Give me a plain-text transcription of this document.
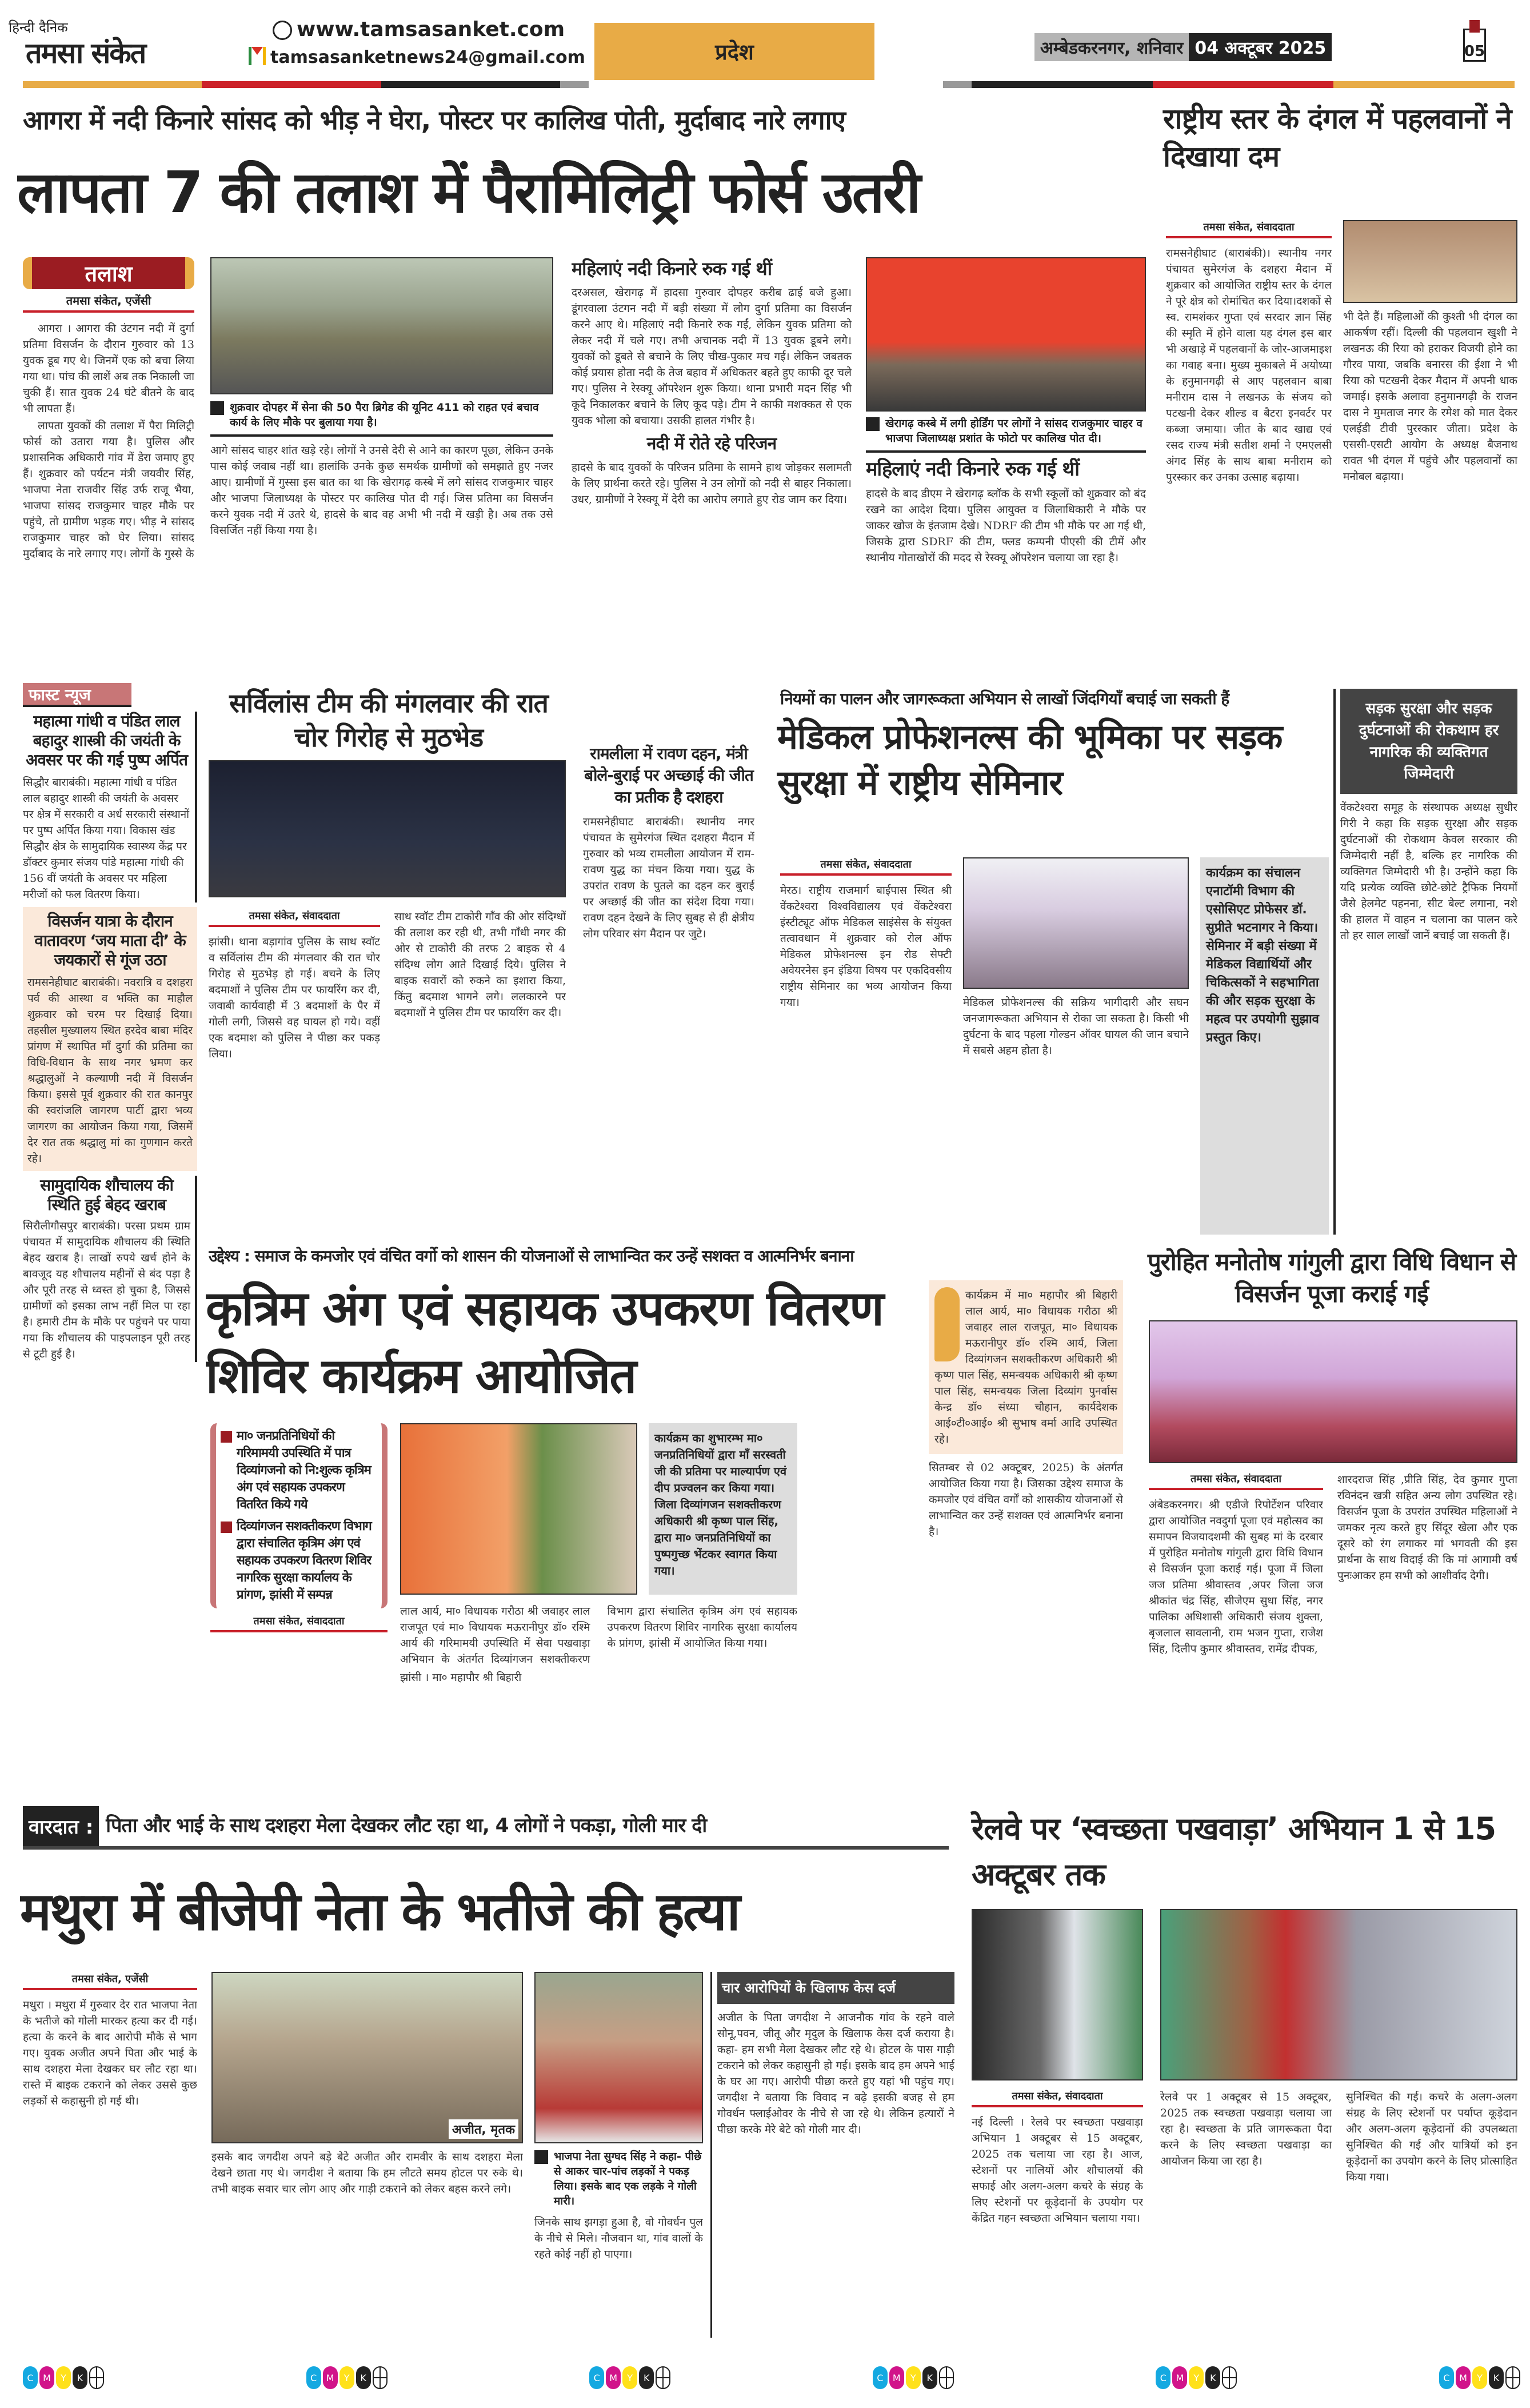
हिन्दी दैनिक
तमसा संकेत
www.tamsasanket.com
tamsasanketnews24@gmail.com	प्रदेश	अम्बेडकरनगर, शनिवार 04 अक्टूबर 2025	05
आगरा में नदी किनारे सांसद को भीड़ ने घेरा, पोस्टर पर कालिख पोती, मुर्दाबाद नारे लगाए
लापता 7 की तलाश में पैरामिलिट्री फोर्स उतरी
तलाश
तमसा संकेत, एजेंसी

आगरा । आगरा की उंटगन नदी में दुर्गा प्रतिमा विसर्जन के दौरान गुरुवार को 13 युवक डूब गए थे। जिनमें एक को बचा लिया गया था। पांच की लाशें अब तक निकाली जा चुकी हैं। सात युवक 24 घंटे बीतने के बाद भी लापता हैं।

लापता युवकों की तलाश में पैरा मिलिट्री फोर्स को उतारा गया है। पुलिस और प्रशासनिक अधिकारी गांव में डेरा जमाए हुए हैं। शुक्रवार को पर्यटन मंत्री जयवीर सिंह, भाजपा नेता राजवीर सिंह उर्फ राजू भैया, भाजपा सांसद राजकुमार चाहर मौके पर पहुंचे, तो ग्रामीण भड़क गए। भीड़ ने सांसद राजकुमार चाहर को घेर लिया। सांसद मुर्दाबाद के नारे लगाए गए। लोगों के गुस्से के

शुक्रवार दोपहर में सेना की 50 पैरा ब्रिगेड की यूनिट 411 को राहत एवं बचाव कार्य के लिए मौके पर बुलाया गया है।
आगे सांसद चाहर शांत खड़े रहे। लोगों ने उनसे देरी से आने का कारण पूछा, लेकिन उनके पास कोई जवाब नहीं था। हालांकि उनके कुछ समर्थक ग्रामीणों को समझाते हुए नजर आए। ग्रामीणों में गुस्सा इस बात का था कि खेरागढ़ कस्बे में लगे सांसद राजकुमार चाहर और भाजपा जिलाध्यक्ष के पोस्टर पर कालिख पोत दी गई। जिस प्रतिमा का विसर्जन करने युवक नदी में उतरे थे, हादसे के बाद वह अभी भी नदी में खड़ी है। अब तक उसे विसर्जित नहीं किया गया है।
महिलाएं नदी किनारे रुक गई थीं
दरअसल, खेरागढ़ में हादसा गुरुवार दोपहर करीब ढाई बजे हुआ। डूंगरवाला उंटगन नदी में बड़ी संख्या में लोग दुर्गा प्रतिमा का विसर्जन करने आए थे। महिलाएं नदी किनारे रुक गईं, लेकिन युवक प्रतिमा को लेकर नदी में चले गए। तभी अचानक नदी में 13 युवक डूबने लगे। युवकों को डूबते से बचाने के लिए चीख-पुकार मच गई। लेकिन जबतक कोई प्रयास होता नदी के तेज बहाव में अधिकतर बहते हुए काफी दूर चले गए। पुलिस ने रेस्क्यू ऑपरेशन शुरू किया। थाना प्रभारी मदन सिंह भी कूदे निकालकर बचाने के लिए कूद पड़े। टीम ने काफी मशक्कत से एक युवक भोला को बचाया। उसकी हालत गंभीर है।
नदी में रोते रहे परिजन
हादसे के बाद युवकों के परिजन प्रतिमा के सामने हाथ जोड़कर सलामती के लिए प्रार्थना करते रहे। पुलिस ने उन लोगों को नदी से बाहर निकाला। उधर, ग्रामीणों ने रेस्क्यू में देरी का आरोप लगाते हुए रोड जाम कर दिया।
खेरागढ़ कस्बे में लगी होर्डिंग पर लोगों ने सांसद राजकुमार चाहर व भाजपा जिलाध्यक्ष प्रशांत के फोटो पर कालिख पोत दी।
महिलाएं नदी किनारे रुक गई थीं
हादसे के बाद डीएम ने खेरागढ़ ब्लॉक के सभी स्कूलों को शुक्रवार को बंद रखने का आदेश दिया। पुलिस आयुक्त व जिलाधिकारी ने मौके पर जाकर खोज के इंतजाम देखे। NDRF की टीम भी मौके पर आ गई थी, जिसके द्वारा SDRF की टीम, फ्लड कम्पनी पीएसी की टीमें और स्थानीय गोताखोरों की मदद से रेस्क्यू ऑपरेशन चलाया जा रहा है।
राष्ट्रीय स्तर के दंगल में पहलवानों ने दिखाया दम
तमसा संकेत, संवाददाता
रामसनेहीघाट (बाराबंकी)। स्थानीय नगर पंचायत सुमेरगंज के दशहरा मैदान में शुक्रवार को आयोजित राष्ट्रीय स्तर के दंगल ने पूरे क्षेत्र को रोमांचित कर दिया।दशकों से स्व. रामशंकर गुप्ता एवं सरदार ज्ञान सिंह की स्मृति में होने वाला यह दंगल इस बार भी अखाड़े में पहलवानों के जोर-आजमाइश का गवाह बना। मुख्य मुकाबले में अयोध्या के हनुमानगढ़ी से आए पहलवान बाबा मनीराम दास ने लखनऊ के संजय को पटखनी देकर शील्ड व बैटरा इनवर्टर पर कब्जा जमाया। जीत के बाद खाद्य एवं रसद राज्य मंत्री सतीश शर्मा ने एमएलसी अंगद सिंह के साथ बाबा मनीराम को पुरस्कार कर उनका उत्साह बढ़ाया।
भी देते हैं। महिलाओं की कुश्ती भी दंगल का आकर्षण रहीं। दिल्ली की पहलवान खुशी ने लखनऊ की रिया को हराकर विजयी होने का गौरव पाया, जबकि बनारस की ईशा ने भी रिया को पटखनी देकर मैदान में अपनी धाक जमाई। इसके अलावा हनुमानगढ़ी के राजन दास ने मुमताज नगर के रमेश को मात देकर एलईडी टीवी पुरस्कार जीता। प्रदेश के एससी-एसटी आयोग के अध्यक्ष बैजनाथ रावत भी दंगल में पहुंचे और पहलवानों का मनोबल बढ़ाया।
फास्ट न्यूज
महात्मा गांधी व पंडित लाल बहादुर शास्त्री की जयंती के अवसर पर की गई पुष्प अर्पित
सिद्धौर बाराबंकी। महात्मा गांधी व पंडित लाल बहादुर शास्त्री की जयंती के अवसर पर क्षेत्र में सरकारी व अर्ध सरकारी संस्थानों पर पुष्प अर्पित किया गया। विकास खंड सिद्धौर क्षेत्र के सामुदायिक स्वास्थ्य केंद्र पर डॉक्टर कुमार संजय पांडे महात्मा गांधी की 156 वीं जयंती के अवसर पर महिला मरीजों को फल वितरण किया।
विसर्जन यात्रा के दौरान वातावरण ‘जय माता दी’ के जयकारों से गूंज उठा
रामसनेहीघाट बाराबंकी। नवरात्रि व दशहरा पर्व की आस्था व भक्ति का माहौल शुक्रवार को चरम पर दिखाई दिया। तहसील मुख्यालय स्थित हरदेव बाबा मंदिर प्रांगण में स्थापित माँ दुर्गा की प्रतिमा का विधि-विधान के साथ नगर भ्रमण कर श्रद्धालुओं ने कल्याणी नदी में विसर्जन किया। इससे पूर्व शुक्रवार की रात कानपुर की स्वरांजलि जागरण पार्टी द्वारा भव्य जागरण का आयोजन किया गया, जिसमें देर रात तक श्रद्धालु मां का गुणगान करते रहे।
सामुदायिक शौचालय की स्थिति हुई बेहद खराब
सिरौलीगौसपुर बाराबंकी। परसा प्रथम ग्राम पंचायत में सामुदायिक शौचालय की स्थिति बेहद खराब है। लाखों रुपये खर्च होने के बावजूद यह शौचालय महीनों से बंद पड़ा है और पूरी तरह से ध्वस्त हो चुका है, जिससे ग्रामीणों को इसका लाभ नहीं मिल पा रहा है। हमारी टीम के मौके पर पहुंचने पर पाया गया कि शौचालय की पाइपलाइन पूरी तरह से टूटी हुई है।
सर्विलांस टीम की मंगलवार की रात चोर गिरोह से मुठभेड
तमसा संकेत, संवाददाता
झांसी। थाना बड़ागांव पुलिस के साथ स्वॉट व सर्विलांस टीम की मंगलवार की रात चोर गिरोह से मुठभेड़ हो गई। बचने के लिए बदमाशों ने पुलिस टीम पर फायरिंग कर दी, जवाबी कार्यवाही में 3 बदमाशों के पैर में गोली लगी, जिससे वह घायल हो गये। वहीं एक बदमाश को पुलिस ने पीछा कर पकड़ लिया।
साथ स्वॉट टीम टाकोरी गाँव की ओर संदिग्धों की तलाश कर रही थी, तभी गाँधी नगर की ओर से टाकोरी की तरफ 2 बाइक से 4 संदिग्ध लोग आते दिखाई दिये। पुलिस ने बाइक सवारों को रुकने का इशारा किया, किंतु बदमाश भागने लगे। ललकारने पर बदमाशों ने पुलिस टीम पर फायरिंग कर दी।
रामलीला में रावण दहन, मंत्री बोले-बुराई पर अच्छाई की जीत का प्रतीक है दशहरा
रामसनेहीघाट बाराबंकी। स्थानीय नगर पंचायत के सुमेरगंज स्थित दशहरा मैदान में गुरुवार को भव्य रामलीला आयोजन में राम-रावण युद्ध का मंचन किया गया। युद्ध के उपरांत रावण के पुतले का दहन कर बुराई पर अच्छाई की जीत का संदेश दिया गया। रावण दहन देखने के लिए सुबह से ही क्षेत्रीय लोग परिवार संग मैदान पर जुटे।
नियमों का पालन और जागरूकता अभियान से लाखों जिंदगियाँ बचाई जा सकती हैं
मेडिकल प्रोफेशनल्स की भूमिका पर सड़क सुरक्षा में राष्ट्रीय सेमिनार
तमसा संकेत, संवाददाता
मेरठ। राष्ट्रीय राजमार्ग बाईपास स्थित श्री वेंकटेश्वरा विश्वविद्यालय एवं वेंकटेश्वरा इंस्टीट्यूट ऑफ मेडिकल साइंसेस के संयुक्त तत्वावधान में शुक्रवार को रोल ऑफ मेडिकल प्रोफेशनल्स इन रोड सेफ्टी अवेयरनेस इन इंडिया विषय पर एकदिवसीय राष्ट्रीय सेमिनार का भव्य आयोजन किया गया।	मेडिकल प्रोफेशनल्स की सक्रिय भागीदारी और सघन जनजागरूकता अभियान से रोका जा सकता है। किसी भी दुर्घटना के बाद पहला गोल्डन ऑवर घायल की जान बचाने में सबसे अहम होता है।
कार्यक्रम का संचालन एनाटॉमी विभाग की एसोसिएट प्रोफेसर डॉ. सुप्रीते भटनागर ने किया। सेमिनार में बड़ी संख्या में मेडिकल विद्यार्थियों और चिकित्सकों ने सहभागिता की और सड़क सुरक्षा के महत्व पर उपयोगी सुझाव प्रस्तुत किए।
सड़क सुरक्षा और सड़क दुर्घटनाओं की रोकथाम हर नागरिक की व्यक्तिगत जिम्मेदारी
वेंकटेश्वरा समूह के संस्थापक अध्यक्ष सुधीर गिरी ने कहा कि सड़क सुरक्षा और सड़क दुर्घटनाओं की रोकथाम केवल सरकार की जिम्मेदारी नहीं है, बल्कि हर नागरिक की व्यक्तिगत जिम्मेदारी भी है। उन्होंने कहा कि यदि प्रत्येक व्यक्ति छोटे-छोटे ट्रैफिक नियमों जैसे हेलमेट पहनना, सीट बेल्ट लगाना, नशे की हालत में वाहन न चलाना का पालन करे तो हर साल लाखों जानें बचाई जा सकती हैं।
उद्देश्य : समाज के कमजोर एवं वंचित वर्गो को शासन की योजनाओं से लाभान्वित कर उन्हें सशक्त व आत्मनिर्भर बनाना
कृत्रिम अंग एवं सहायक उपकरण वितरण शिविर कार्यक्रम आयोजित
मा० जनप्रतिनिधियों की गरिमामयी उपस्थिति में पात्र दिव्यांगजनो को नि:शुल्क कृत्रिम अंग एवं सहायक उपकरण वितरित किये गये
दिव्यांगजन सशक्तीकरण विभाग द्वारा संचालित कृत्रिम अंग एवं सहायक उपकरण वितरण शिविर नागरिक सुरक्षा कार्यालय के प्रांगण, झांसी में सम्पन्न
तमसा संकेत, संवाददाता
कार्यक्रम का शुभारम्भ मा० जनप्रतिनिधियों द्वारा माँ सरस्वती जी की प्रतिमा पर माल्यार्पण एवं दीप प्रज्वलन कर किया गया। जिला दिव्यांगजन सशक्तीकरण अधिकारी श्री कृष्ण पाल सिंह, द्वारा मा० जनप्रतिनिधियों का पुष्पगुच्छ भेंटकर स्वागत किया गया।
लाल आर्य, मा० विधायक गरौठा श्री जवाहर लाल राजपूत एवं मा० विधायक मऊरानीपुर डॉ० रश्मि आर्य की गरिमामयी उपस्थिति में सेवा पखवाड़ा अभियान के अंतर्गत दिव्यांगजन सशक्तीकरण विभाग द्वारा संचालित कृत्रिम अंग एवं सहायक उपकरण वितरण शिविर नागरिक सुरक्षा कार्यालय के प्रांगण, झांसी में आयोजित किया गया।
झांसी । मा० महापौर श्री बिहारी
कार्यक्रम में मा० महापौर श्री बिहारी लाल आर्य, मा० विधायक गरौठा श्री जवाहर लाल राजपूत, मा० विधायक मऊरानीपुर डॉ० रश्मि आर्य, जिला दिव्यांगजन सशक्तीकरण अधिकारी श्री कृष्ण पाल सिंह, समन्वयक अधिकारी श्री कृष्ण पाल सिंह, समन्वयक जिला दिव्यांग पुनर्वास केन्द्र डॉ० संध्या चौहान, कार्यदेशक आई०टी०आई० श्री सुभाष वर्मा आदि उपस्थित रहे।
सितम्बर से 02 अक्टूबर, 2025) के अंतर्गत आयोजित किया गया है। जिसका उद्देश्य समाज के कमजोर एवं वंचित वर्गों को शासकीय योजनाओं से लाभान्वित कर उन्हें सशक्त एवं आत्मनिर्भर बनाना है।
पुरोहित मनोतोष गांगुली द्वारा विधि विधान से विसर्जन पूजा कराई गई
तमसा संकेत, संवाददाता
अंबेडकरनगर। श्री एडीजे रिपोर्टेशन परिवार द्वारा आयोजित नवदुर्गा पूजा एवं महोत्सव का समापन विजयादशमी की सुबह मां के दरबार में पुरोहित मनोतोष गांगुली द्वारा विधि विधान से विसर्जन पूजा कराई गई। पूजा में जिला जज प्रतिमा श्रीवास्तव ,अपर जिला जज श्रीकांत चंद्र सिंह, सीजेएम सुधा सिंह, नगर पालिका अधिशासी अधिकारी संजय शुक्ला, बृजलाल सावलानी, राम भजन गुप्ता, राजेश सिंह, दिलीप कुमार श्रीवास्तव, रामेंद्र दीपक,
शारदराज सिंह ,प्रीति सिंह, देव कुमार गुप्ता रविनंदन खत्री सहित अन्य लोग उपस्थित रहे। विसर्जन पूजा के उपरांत उपस्थित महिलाओं ने जमकर नृत्य करते हुए सिंदूर खेला और एक दूसरे को रंग लगाकर मां भगवती की इस प्रार्थना के साथ विदाई की कि मां आगामी वर्ष पुनःआकर हम सभी को आशीर्वाद देगी।
वारदात : पिता और भाई के साथ दशहरा मेला देखकर लौट रहा था, 4 लोगों ने पकड़ा, गोली मार दी
मथुरा में बीजेपी नेता के भतीजे की हत्या
तमसा संकेत, एजेंसी
मथुरा । मथुरा में गुरुवार देर रात भाजपा नेता के भतीजे को गोली मारकर हत्या कर दी गई। हत्या के करने के बाद आरोपी मौके से भाग गए। युवक अजीत अपने पिता और भाई के साथ दशहरा मेला देखकर घर लौट रहा था। रास्ते में बाइक टकराने को लेकर उससे कुछ लड़कों से कहासुनी हो गई थी।
अजीत, मृतक
इसके बाद जगदीश अपने बड़े बेटे अजीत और रामवीर के साथ दशहरा मेला देखने छाता गए थे। जगदीश ने बताया कि हम लौटते समय होटल पर रुके थे। तभी बाइक सवार चार लोग आए और गाड़ी टकराने को लेकर बहस करने लगे।
भाजपा नेता सुग्घद सिंह ने कहा- पीछे से आकर चार-पांच लड़कों ने पकड़ लिया। इसके बाद एक लड़के ने गोली मारी।
जिनके साथ झगड़ा हुआ है, वो गोवर्धन पुल के नीचे से मिले। नौजवान था, गांव वालों के रहते कोई नहीं हो पाएगा।
चार आरोपियों के खिलाफ केस दर्ज
अजीत के पिता जगदीश ने आजनौक गांव के रहने वाले सोनू,पवन, जीतू और मृदुल के खिलाफ केस दर्ज कराया है। कहा- हम सभी मेला देखकर लौट रहे थे। होटल के पास गाड़ी टकराने को लेकर कहासुनी हो गई। इसके बाद हम अपने भाई के घर आ गए। आरोपी पीछा करते हुए यहां भी पहुंच गए। जगदीश ने बताया कि विवाद न बढ़े इसकी बजह से हम गोवर्धन फ्लाईओवर के नीचे से जा रहे थे। लेकिन हत्यारों ने पीछा करके मेरे बेटे को गोली मार दी।
रेलवे पर ‘स्वच्छता पखवाड़ा’ अभियान 1 से 15 अक्टूबर तक
तमसा संकेत, संवाददाता
नई दिल्ली । रेलवे पर स्वच्छता पखवाड़ा अभियान 1 अक्टूबर से 15 अक्टूबर, 2025 तक चलाया जा रहा है। आज, स्टेशनों पर नालियों और शौचालयों की सफाई और अलग-अलग कचरे के संग्रह के लिए स्टेशनों पर कूड़ेदानों के उपयोग पर केंद्रित गहन स्वच्छता अभियान चलाया गया।
रेलवे पर 1 अक्टूबर से 15 अक्टूबर, 2025 तक स्वच्छता पखवाड़ा चलाया जा रहा है। स्वच्छता के प्रति जागरूकता पैदा करने के लिए स्वच्छता पखवाड़ा का आयोजन किया जा रहा है।
सुनिश्चित की गई। कचरे के अलग-अलग संग्रह के लिए स्टेशनों पर पर्याप्त कूड़ेदान और अलग-अलग कूड़ेदानों की उपलब्धता सुनिश्चित की गई और यात्रियों को इन कूड़ेदानों का उपयोग करने के लिए प्रोत्साहित किया गया।
C	M	Y	K	C	M	Y	K	C	M	Y	K	C	M	Y	K	C	M	Y	K	C	M	Y	K
